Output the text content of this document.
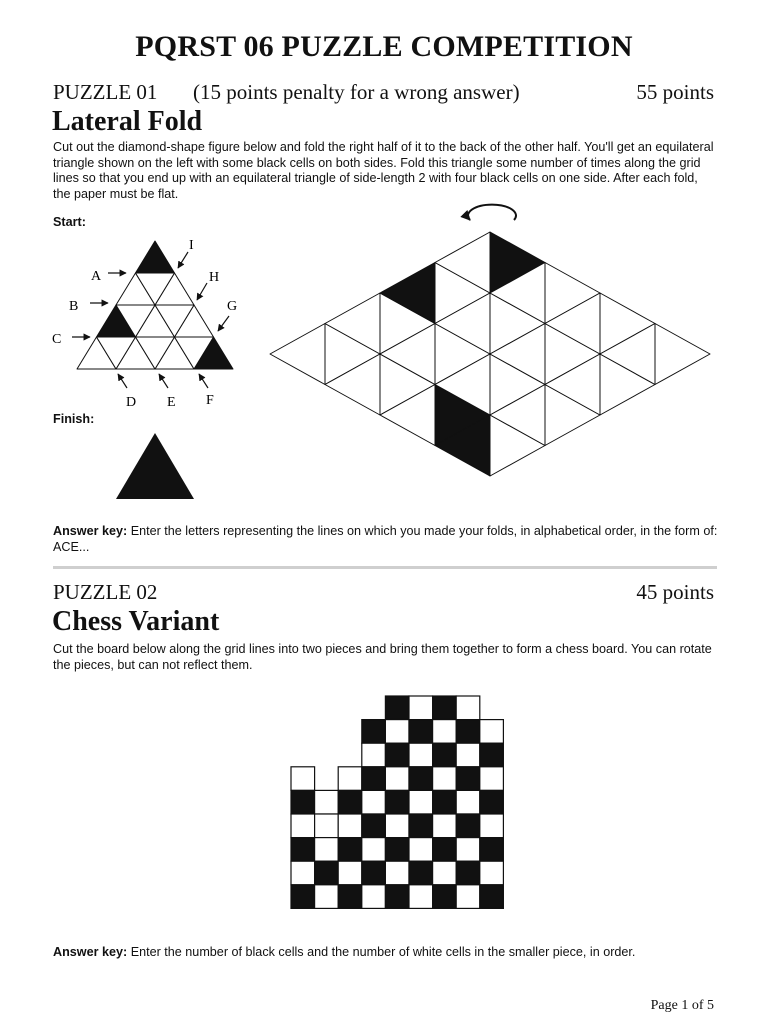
PQRST 06 PUZZLE COMPETITION
PUZZLE 01 (15 points penalty for a wrong answer)	55 points
Lateral Fold
Cut out the diamond-shape figure below and fold the right half of it to the back of the other half. You'll get an equilateral triangle shown on the left with some black cells on both sides. Fold this triangle some number of times along the grid lines so that you end up with an equilateral triangle of side-length 2 with four black cells on one side. After each fold, the paper must be flat.
Start:
Finish:
A
B
C
D E F
G
H
I
Answer key: Enter the letters representing the lines on which you made your folds, in alphabetical order, in the form of: ACE...
PUZZLE 02	45 points
Chess Variant
Cut the board below along the grid lines into two pieces and bring them together to form a chess board. You can rotate the pieces, but can not reflect them.
Answer key: Enter the number of black cells and the number of white cells in the smaller piece, in order.
Page 1 of 5
